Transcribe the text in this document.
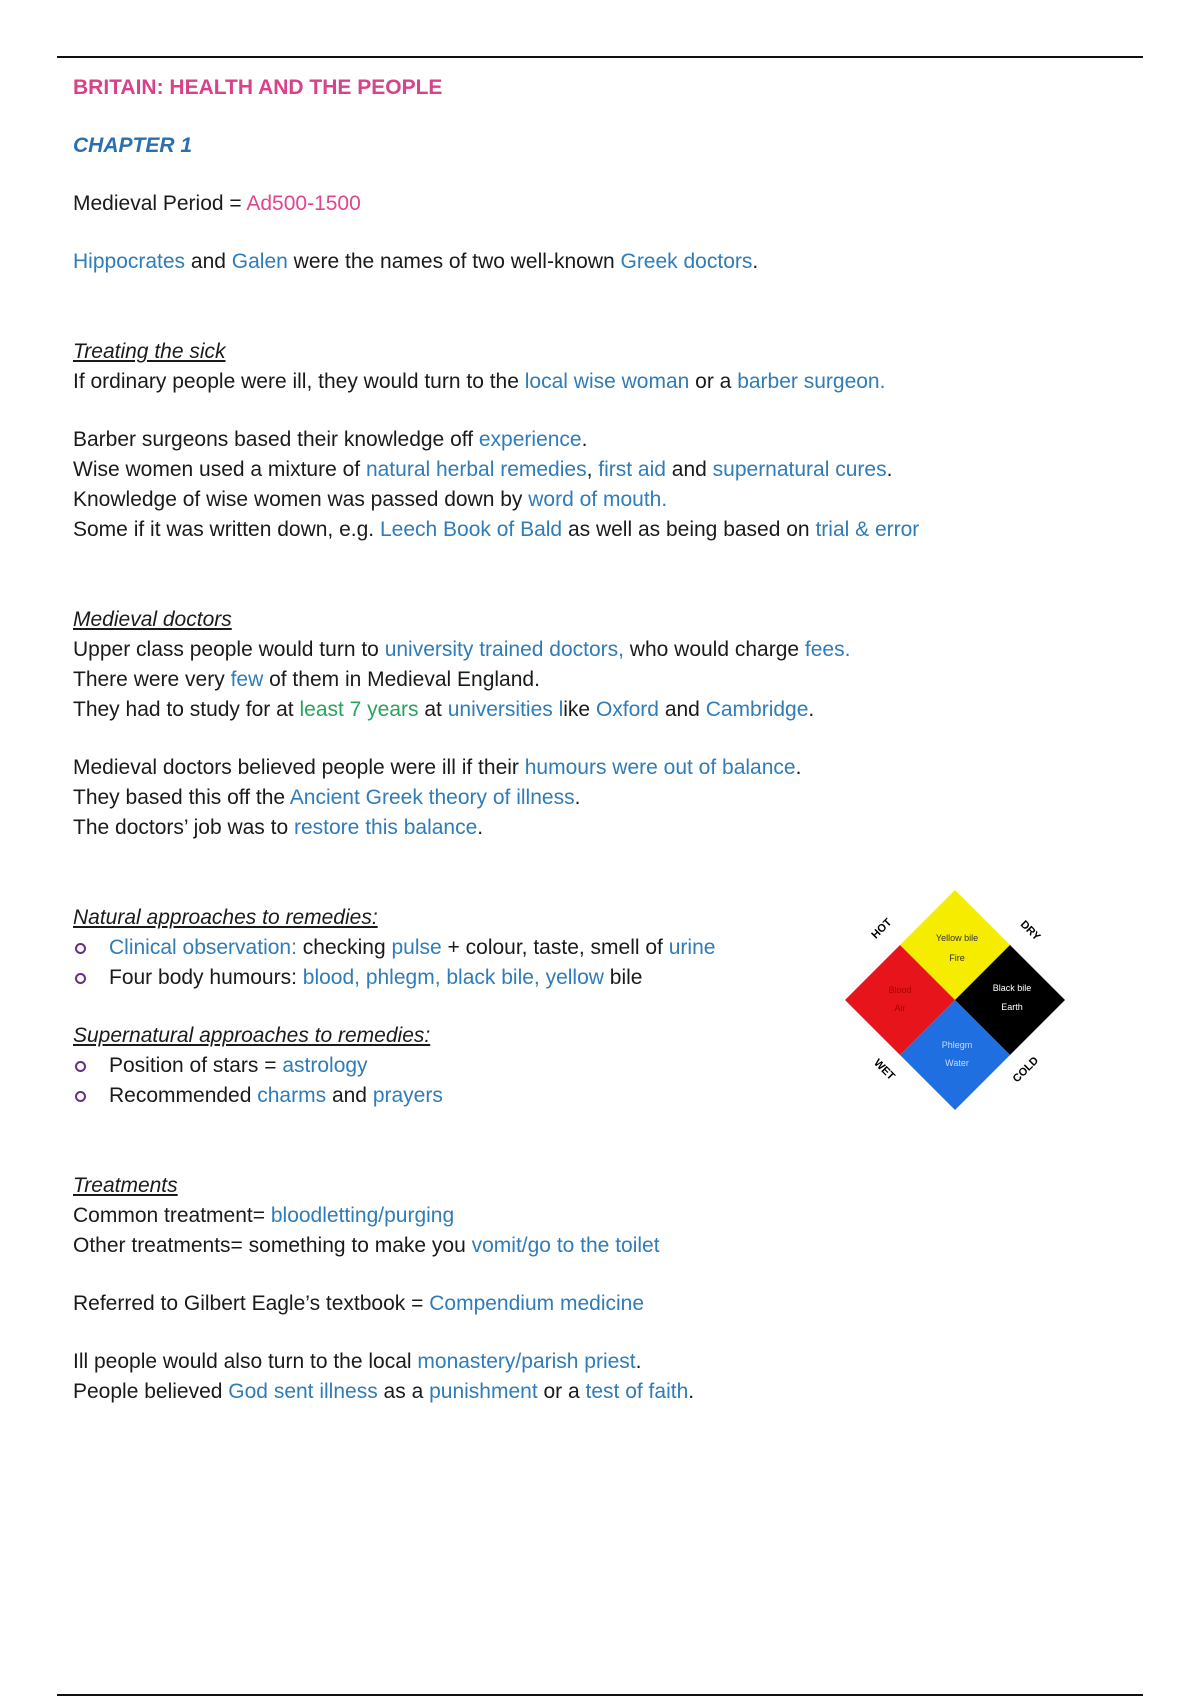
BRITAIN: HEALTH AND THE PEOPLE
CHAPTER 1
Medieval Period = Ad500-1500
Hippocrates and Galen were the names of two well-known Greek doctors.
Treating the sick
If ordinary people were ill, they would turn to the local wise woman or a barber surgeon.
Barber surgeons based their knowledge off experience.
Wise women used a mixture of natural herbal remedies, first aid and supernatural cures.
Knowledge of wise women was passed down by word of mouth.
Some if it was written down, e.g. Leech Book of Bald as well as being based on trial & error
Medieval doctors
Upper class people would turn to university trained doctors, who would charge fees.
There were very few of them in Medieval England.
They had to study for at least 7 years at universities like Oxford and Cambridge.
Medieval doctors believed people were ill if their humours were out of balance.
They based this off the Ancient Greek theory of illness.
The doctors’ job was to restore this balance.
Natural approaches to remedies:
Clinical observation: checking pulse + colour, taste, smell of urine
Four body humours: blood, phlegm, black bile, yellow bile
Supernatural approaches to remedies:
Position of stars = astrology
Recommended charms and prayers
Treatments
Common treatment= bloodletting/purging
Other treatments= something to make you vomit/go to the toilet
Referred to Gilbert Eagle’s textbook = Compendium medicine
Ill people would also turn to the local monastery/parish priest.
People believed God sent illness as a punishment or a test of faith.
Yellow bile
Fire
Black bile
Earth
Blood
Air
Phlegm
Water
HOT	DRY
WET	COLD
